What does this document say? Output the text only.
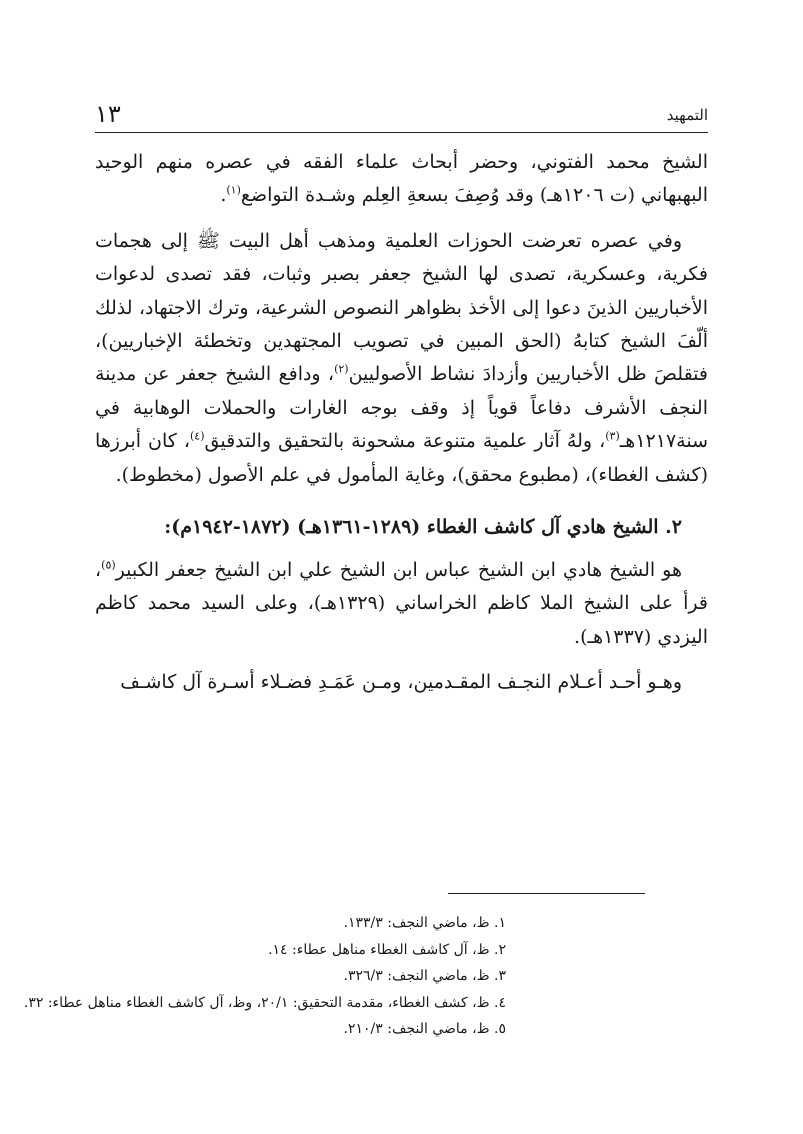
التمهيد
١٣

الشيخ محمد الفتوني، وحضر أبحاث علماء الفقه في عصره منهم الوحيد البهبهاني (ت ١٢٠٦هـ) وقد وُصِفَ بسعةِ العِلم وشـدة التواضع$^{(١)}$.

وفي عصره تعرضت الحوزات العلمية ومذهب أهل البيت ﷺ إلى هجمات فكرية، وعسكرية، تصدى لها الشيخ جعفر بصبر وثبات، فقد تصدى لدعوات الأخباريين الذينَ دعوا إلى الأخذ بظواهر النصوص الشرعية، وترك الاجتهاد، لذلك ألّفَ الشيخ كتابهُ (الحق المبين في تصويب المجتهدين وتخطئة الإخباريين)، فتقلصَ ظل الأخباريين وأزدادَ نشاط الأصوليين$^{(٢)}$، ودافع الشيخ جعفر عن مدينة النجف الأشرف دفاعاً قوياً إذ وقف بوجه الغارات والحملات الوهابية في سنة١٢١٧هـ$^{(٣)}$، ولهُ آثار علمية متنوعة مشحونة بالتحقيق والتدقيق$^{(٤)}$، كان أبرزها (كشف الغطاء)، (مطبوع محقق)، وغاية المأمول في علم الأصول (مخطوط).

٢. الشيخ هادي آل كاشف الغطاء (١٢٨٩-١٣٦١هـ) (١٨٧٢-١٩٤٢م):

هو الشيخ هادي ابن الشيخ عباس ابن الشيخ علي ابن الشيخ جعفر الكبير$^{(٥)}$، قرأ على الشيخ الملا كاظم الخراساني (١٣٢٩هـ)، وعلى السيد محمد كاظم اليزدي (١٣٣٧هـ).

وهـو أحـد أعـلام النجـف المقـدمين، ومـن عَمَـدِ فضـلاء أسـرة آل كاشـف

١. ظ، ماضي النجف: ١٣٣/٣.
٢. ظ، آل كاشف الغطاء مناهل عطاء: ١٤.
٣. ظ، ماضي النجف: ٣٢٦/٣.
٤. ظ، كشف الغطاء، مقدمة التحقيق: ٢٠/١، وظ، آل كاشف الغطاء مناهل عطاء: ٣٢.
٥. ظ، ماضي النجف: ٢١٠/٣.
